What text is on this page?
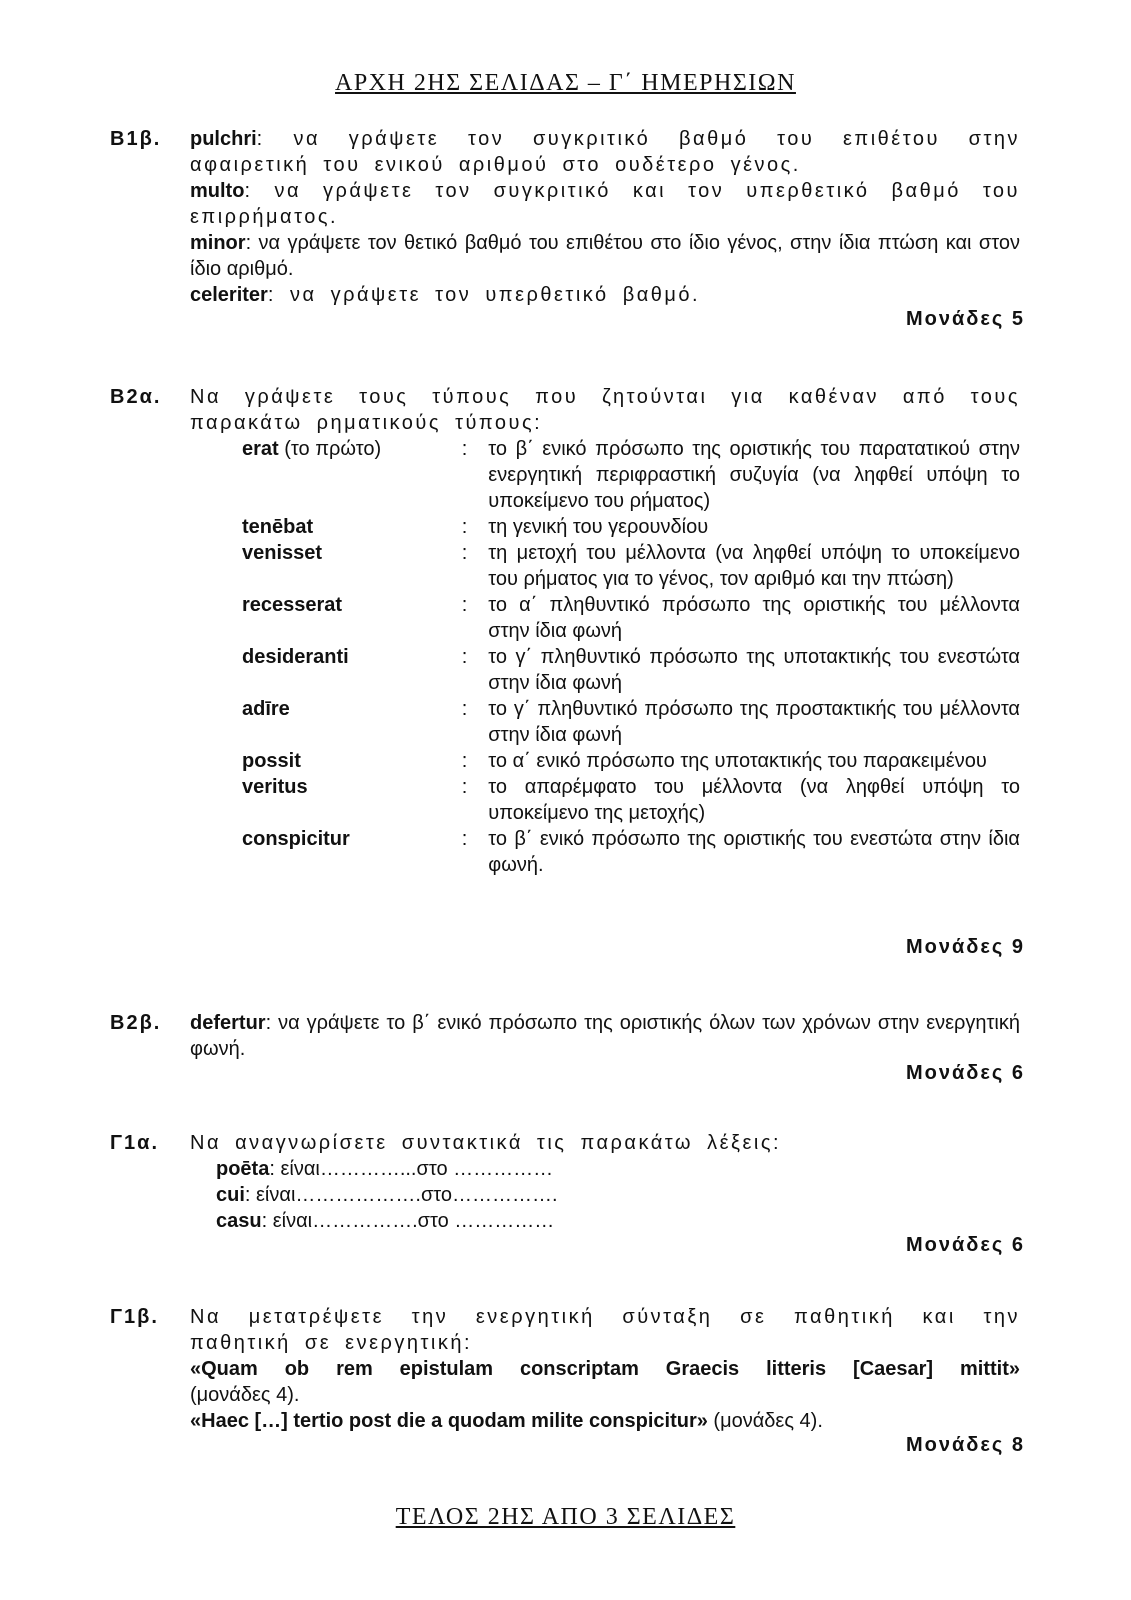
ΑΡΧΗ 2ΗΣ ΣΕΛΙΔΑΣ – Γ΄ ΗΜΕΡΗΣΙΩΝ
Β1β. pulchri: να γράψετε τον συγκριτικό βαθμό του επιθέτου στην αφαιρετική του ενικού αριθμού στο ουδέτερο γένος.
multo: να γράψετε τον συγκριτικό και τον υπερθετικό βαθμό του επιρρήματος.
minor: να γράψετε τον θετικό βαθμό του επιθέτου στο ίδιο γένος, στην ίδια πτώση και στον ίδιο αριθμό.
celeriter: να γράψετε τον υπερθετικό βαθμό.
Μονάδες 5
Β2α. Να γράψετε τους τύπους που ζητούνται για καθέναν από τους παρακάτω ρηματικούς τύπους:
erat (το πρώτο)	:	το β΄ ενικό πρόσωπο της οριστικής του παρατατικού στην ενεργητική περιφραστική συζυγία (να ληφθεί υπόψη το υποκείμενο του ρήματος)
tenēbat	:	τη γενική του γερουνδίου
venisset	:	τη μετοχή του μέλλοντα (να ληφθεί υπόψη το υποκείμενο του ρήματος για το γένος, τον αριθμό και την πτώση)
recesserat	:	το α΄ πληθυντικό πρόσωπο της οριστικής του μέλλοντα στην ίδια φωνή
desideranti	:	το γ΄ πληθυντικό πρόσωπο της υποτακτικής του ενεστώτα στην ίδια φωνή
adīre	:	το γ΄ πληθυντικό πρόσωπο της προστακτικής του μέλλοντα στην ίδια φωνή
possit	:	το α΄ ενικό πρόσωπο της υποτακτικής του παρακειμένου
veritus	:	το απαρέμφατο του μέλλοντα (να ληφθεί υπόψη το υποκείμενο της μετοχής)
conspicitur	:	το β΄ ενικό πρόσωπο της οριστικής του ενεστώτα στην ίδια φωνή.
Μονάδες 9
Β2β. defertur: να γράψετε το β΄ ενικό πρόσωπο της οριστικής όλων των χρόνων στην ενεργητική φωνή.
Μονάδες 6
Γ1α. Να αναγνωρίσετε συντακτικά τις παρακάτω λέξεις:
poēta: είναι…………...στο ……………
cui: είναι……………….στο…………….
casu: είναι…………….στο ……………
Μονάδες 6
Γ1β. Να μετατρέψετε την ενεργητική σύνταξη σε παθητική και την παθητική σε ενεργητική:
«Quam ob rem epistulam conscriptam Graecis litteris [Caesar] mittit»
(μονάδες 4).
«Haec […] tertio post die a quodam milite conspicitur» (μονάδες 4).
Μονάδες 8
ΤΕΛΟΣ 2ΗΣ ΑΠΟ 3 ΣΕΛΙΔΕΣ
